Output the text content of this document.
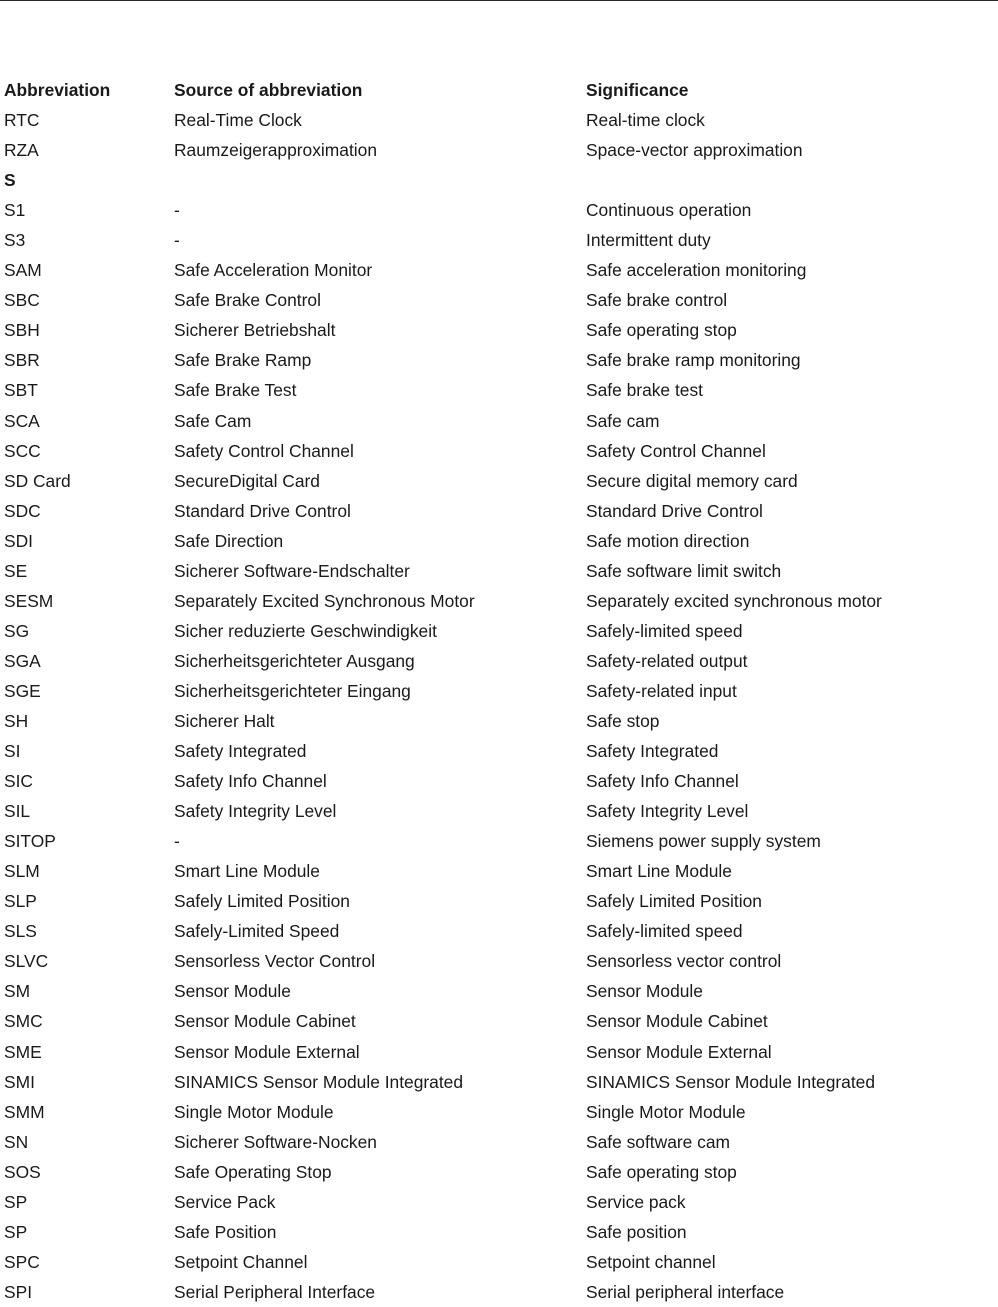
Abbreviation	Source of abbreviation	Significance
RTC	Real-Time Clock	Real-time clock
RZA	Raumzeigerapproximation	Space-vector approximation
S
S1	-	Continuous operation
S3	-	Intermittent duty
SAM	Safe Acceleration Monitor	Safe acceleration monitoring
SBC	Safe Brake Control	Safe brake control
SBH	Sicherer Betriebshalt	Safe operating stop
SBR	Safe Brake Ramp	Safe brake ramp monitoring
SBT	Safe Brake Test	Safe brake test
SCA	Safe Cam	Safe cam
SCC	Safety Control Channel	Safety Control Channel
SD Card	SecureDigital Card	Secure digital memory card
SDC	Standard Drive Control	Standard Drive Control
SDI	Safe Direction	Safe motion direction
SE	Sicherer Software-Endschalter	Safe software limit switch
SESM	Separately Excited Synchronous Motor	Separately excited synchronous motor
SG	Sicher reduzierte Geschwindigkeit	Safely-limited speed
SGA	Sicherheitsgerichteter Ausgang	Safety-related output
SGE	Sicherheitsgerichteter Eingang	Safety-related input
SH	Sicherer Halt	Safe stop
SI	Safety Integrated	Safety Integrated
SIC	Safety Info Channel	Safety Info Channel
SIL	Safety Integrity Level	Safety Integrity Level
SITOP	-	Siemens power supply system
SLM	Smart Line Module	Smart Line Module
SLP	Safely Limited Position	Safely Limited Position
SLS	Safely-Limited Speed	Safely-limited speed
SLVC	Sensorless Vector Control	Sensorless vector control
SM	Sensor Module	Sensor Module
SMC	Sensor Module Cabinet	Sensor Module Cabinet
SME	Sensor Module External	Sensor Module External
SMI	SINAMICS Sensor Module Integrated	SINAMICS Sensor Module Integrated
SMM	Single Motor Module	Single Motor Module
SN	Sicherer Software-Nocken	Safe software cam
SOS	Safe Operating Stop	Safe operating stop
SP	Service Pack	Service pack
SP	Safe Position	Safe position
SPC	Setpoint Channel	Setpoint channel
SPI	Serial Peripheral Interface	Serial peripheral interface
